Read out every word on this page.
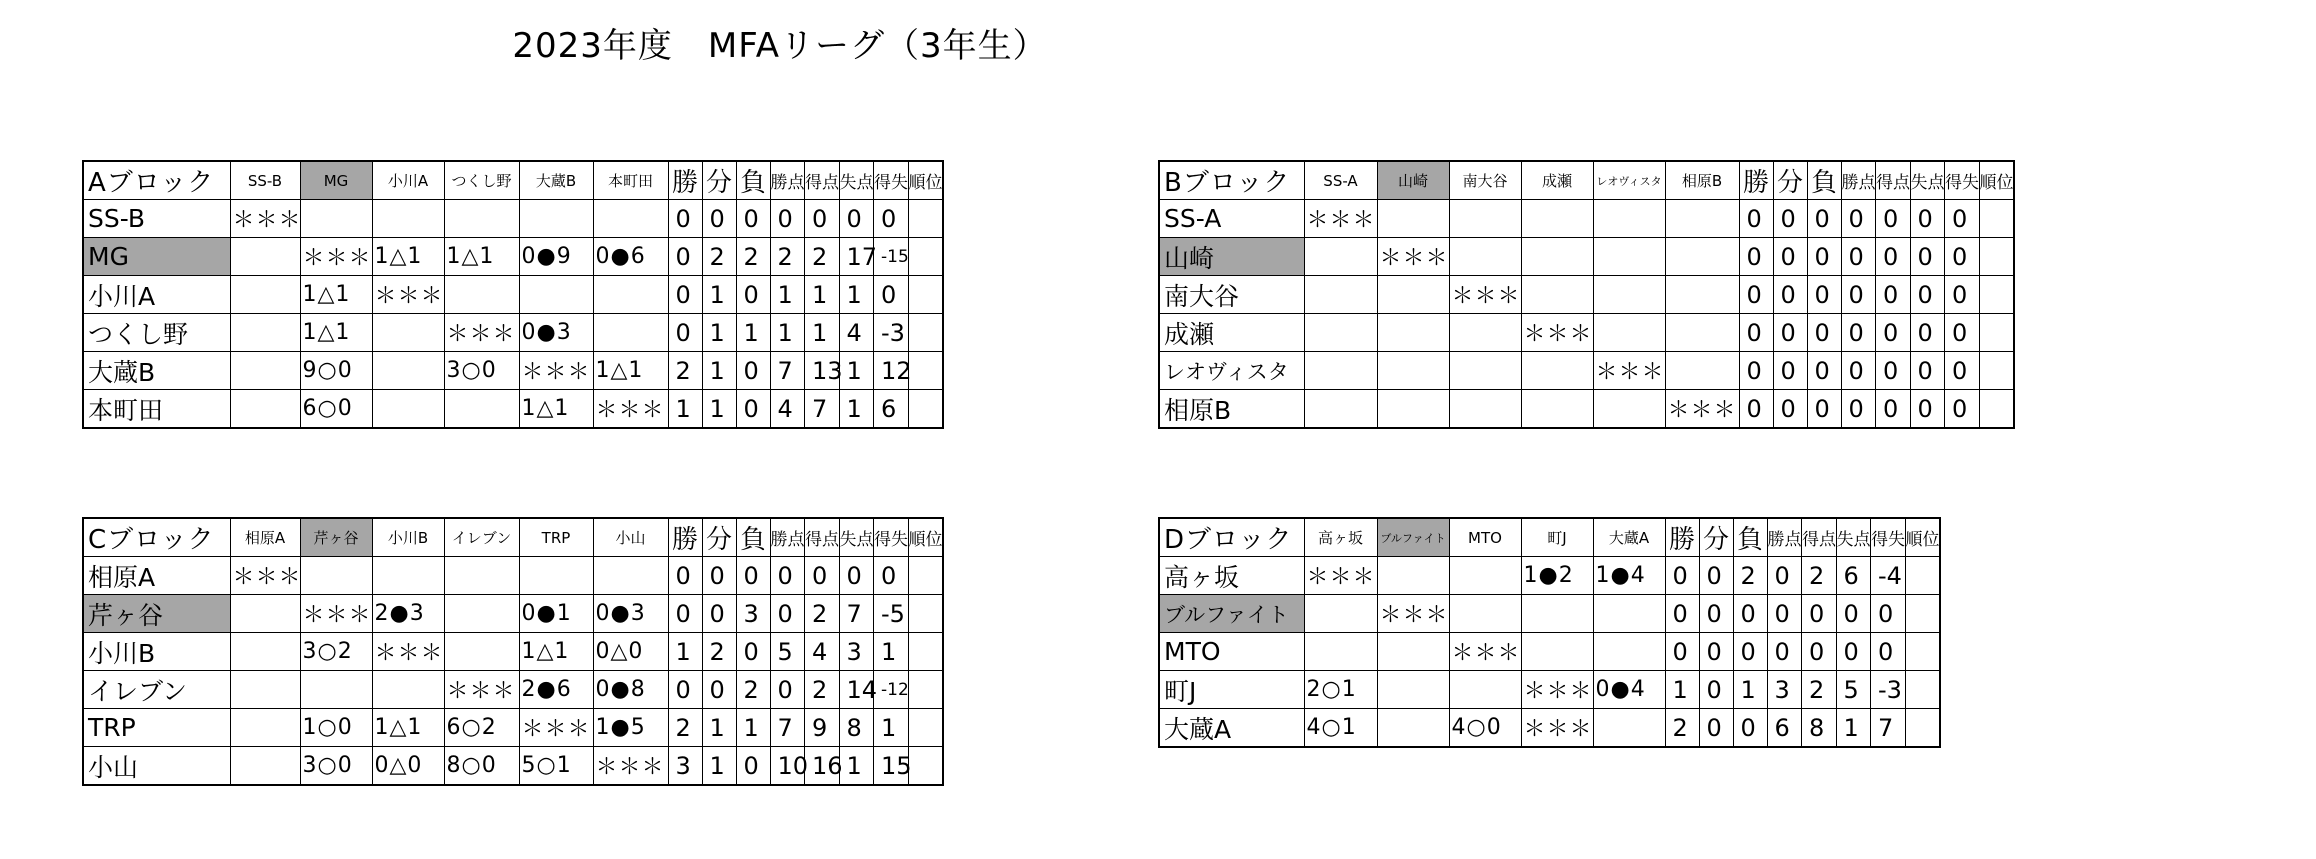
2023年度　MFAリーグ（3年生）
Aブロック	SS-B	MG	小川A	つくし野	大蔵B	本町田	勝	分	負	勝点	得点	失点	得失	順位
SS-B	＊＊＊						0	0	0	0	0	0	0	
MG		＊＊＊	1△1	1△1	0●9	0●6	0	2	2	2	2	17	-15	
小川A		1△1	＊＊＊				0	1	0	1	1	1	0	
つくし野		1△1		＊＊＊	0●3		0	1	1	1	1	4	-3	
大蔵B		9○0		3○0	＊＊＊	1△1	2	1	0	7	13	1	12	
本町田		6○0			1△1	＊＊＊	1	1	0	4	7	1	6	
Bブロック	SS-A	山崎	南大谷	成瀬	レオヴィスタ	相原B	勝	分	負	勝点	得点	失点	得失	順位
SS-A	＊＊＊						0	0	0	0	0	0	0	
山崎		＊＊＊					0	0	0	0	0	0	0	
南大谷			＊＊＊				0	0	0	0	0	0	0	
成瀬				＊＊＊			0	0	0	0	0	0	0	
レオヴィスタ					＊＊＊		0	0	0	0	0	0	0	
相原B						＊＊＊	0	0	0	0	0	0	0	
Cブロック	相原A	芹ヶ谷	小川B	イレブン	TRP	小山	勝	分	負	勝点	得点	失点	得失	順位
相原A	＊＊＊						0	0	0	0	0	0	0	
芹ヶ谷		＊＊＊	2●3		0●1	0●3	0	0	3	0	2	7	-5	
小川B		3○2	＊＊＊		1△1	0△0	1	2	0	5	4	3	1	
イレブン				＊＊＊	2●6	0●8	0	0	2	0	2	14	-12	
TRP		1○0	1△1	6○2	＊＊＊	1●5	2	1	1	7	9	8	1	
小山		3○0	0△0	8○0	5○1	＊＊＊	3	1	0	10	16	1	15	
Dブロック	高ヶ坂	ブルファイト	MTO	町J	大蔵A	勝	分	負	勝点	得点	失点	得失	順位
高ヶ坂	＊＊＊			1●2	1●4	0	0	2	0	2	6	-4	
ブルファイト		＊＊＊				0	0	0	0	0	0	0	
MTO			＊＊＊			0	0	0	0	0	0	0	
町J	2○1			＊＊＊	0●4	1	0	1	3	2	5	-3	
大蔵A	4○1		4○0	＊＊＊		2	0	0	6	8	1	7	
